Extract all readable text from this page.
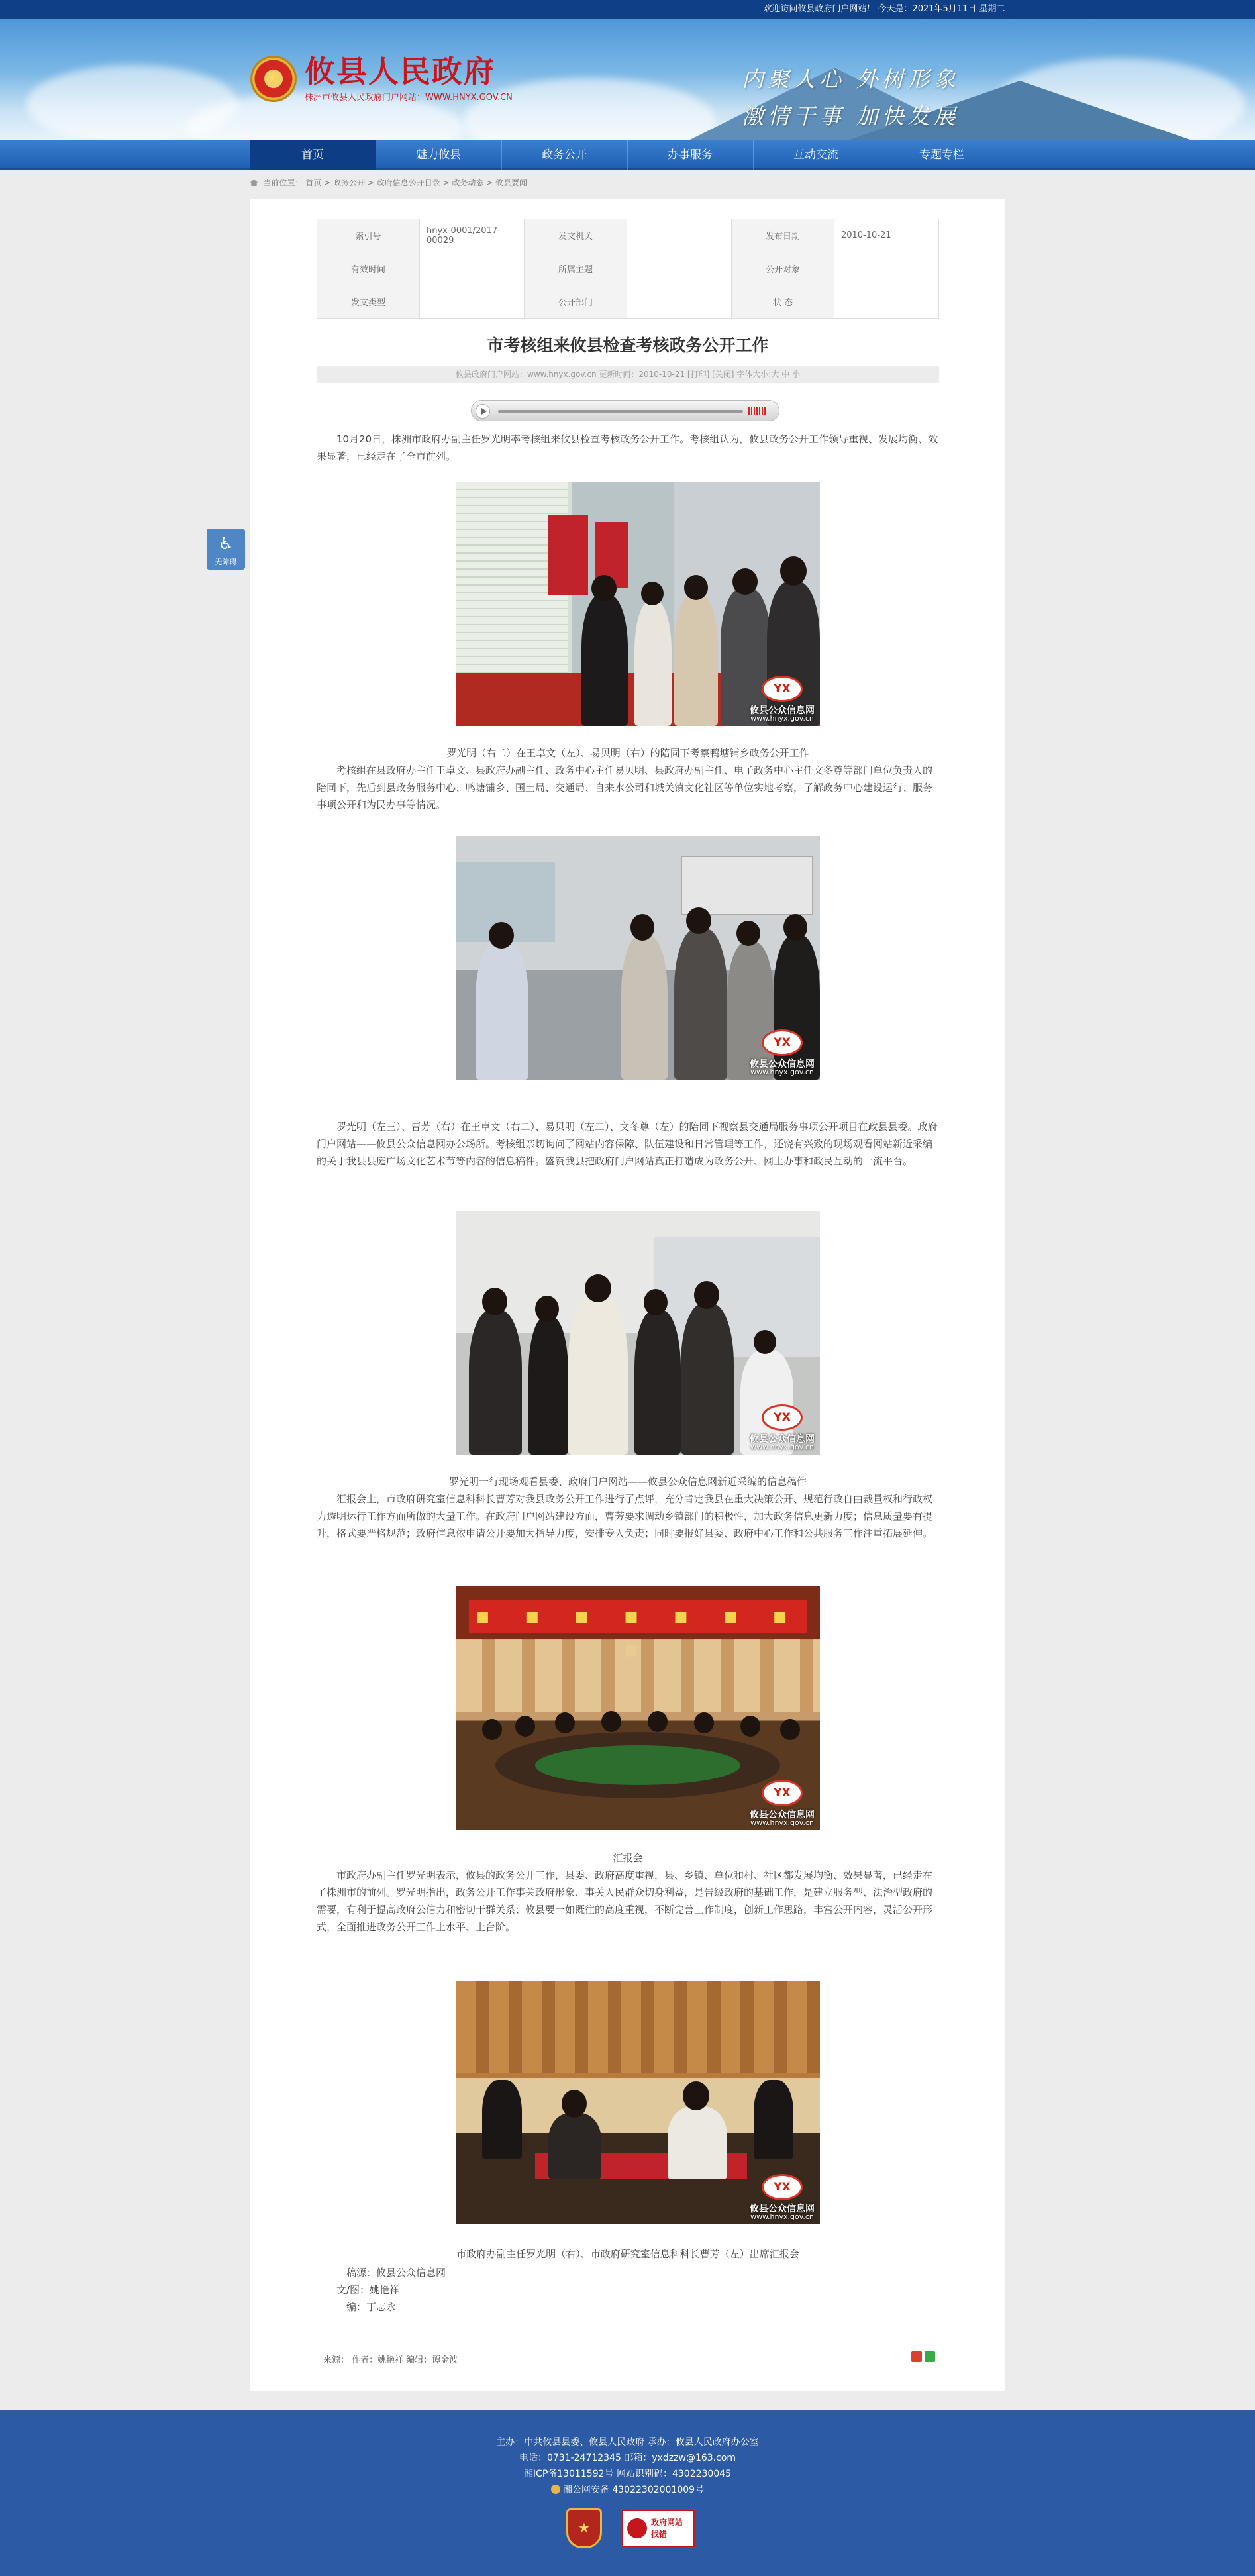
欢迎访问攸县政府门户网站！ 今天是：2021年5月11日 星期二
★
攸县人民政府
株洲市攸县人民政府门户网站：WWW.HNYX.GOV.CN
内聚人心 外树形象
激情干事 加快发展
首页	魅力攸县	政务公开	办事服务	互动交流	专题专栏
当前位置： 首页 > 政务公开 > 政府信息公开目录 > 政务动态 > 攸县要闻
♿
无障碍
索引号	hnyx-0001/2017-00029	发文机关		发布日期	2010-10-21
有效时间		所属主题		公开对象	
发文类型		公开部门		状 态	
市考核组来攸县检查考核政务公开工作
攸县政府门户网站：www.hnyx.gov.cn 更新时间：2010-10-21 [打印] [关闭] 字体大小:大 中 小

10月20日，株洲市政府办副主任罗光明率考核组来攸县检查考核政务公开工作。考核组认为，攸县政务公开工作领导重视、发展均衡、效果显著，已经走在了全市前列。

YX
攸县公众信息网
www.hnyx.gov.cn

罗光明（右二）在王卓文（左）、易贝明（右）的陪同下考察鸭塘铺乡政务公开工作

考核组在县政府办主任王卓文、县政府办副主任、政务中心主任易贝明、县政府办副主任、电子政务中心主任文冬尊等部门单位负责人的陪同下，先后到县政务服务中心、鸭塘铺乡、国土局、交通局、自来水公司和城关镇文化社区等单位实地考察，了解政务中心建设运行、服务事项公开和为民办事等情况。

YX
攸县公众信息网
www.hnyx.gov.cn

罗光明（左三）、曹芳（右）在王卓文（右二）、易贝明（左二）、文冬尊（左）的陪同下视察县交通局服务事项公开项目在政县县委。政府门户网站——攸县公众信息网办公场所。考核组亲切询问了网站内容保障、队伍建设和日常管理等工作，还饶有兴致的现场观看网站新近采编的关于我县县庭广场文化艺术节等内容的信息稿件。盛赞我县把政府门户网站真正打造成为政务公开、网上办事和政民互动的一流平台。

YX
攸县公众信息网
www.hnyx.gov.cn

罗光明一行现场观看县委、政府门户网站——攸县公众信息网新近采编的信息稿件

汇报会上，市政府研究室信息科科长曹芳对我县政务公开工作进行了点评，充分肯定我县在重大决策公开、规范行政自由裁量权和行政权力透明运行工作方面所做的大量工作。在政府门户网站建设方面，曹芳要求调动乡镇部门的积极性，加大政务信息更新力度；信息质量要有提升，格式要严格规范；政府信息依申请公开要加大指导力度，安排专人负责；同时要报好县委、政府中心工作和公共服务工作注重拓展延伸。

▪ ▪ ▪ ▪ ▪ ▪ ▪
YX
攸县公众信息网
www.hnyx.gov.cn

汇报会

市政府办副主任罗光明表示，攸县的政务公开工作，县委、政府高度重视，县、乡镇、单位和村、社区都发展均衡、效果显著，已经走在了株洲市的前列。罗光明指出，政务公开工作事关政府形象、事关人民群众切身利益，是告级政府的基础工作，是建立服务型、法治型政府的需要，有利于提高政府公信力和密切干群关系；攸县要一如既往的高度重视，不断完善工作制度，创新工作思路，丰富公开内容，灵活公开形式，全面推进政务公开工作上水平、上台阶。

YX
攸县公众信息网
www.hnyx.gov.cn

市政府办副主任罗光明（右）、市政府研究室信息科科长曹芳（左）出席汇报会

稿源：攸县公众信息网
文/图：姚艳祥
编：丁志永
来源： 作者：姚艳祥 编辑：谭金波
主办：中共攸县县委、攸县人民政府 承办：攸县人民政府办公室
电话：0731-24712345 邮箱：yxdzzw@163.com
湘ICP备13011592号 网站识别码：4302230045
湘公网安备 43022302001009号
★
政府网站
找错
